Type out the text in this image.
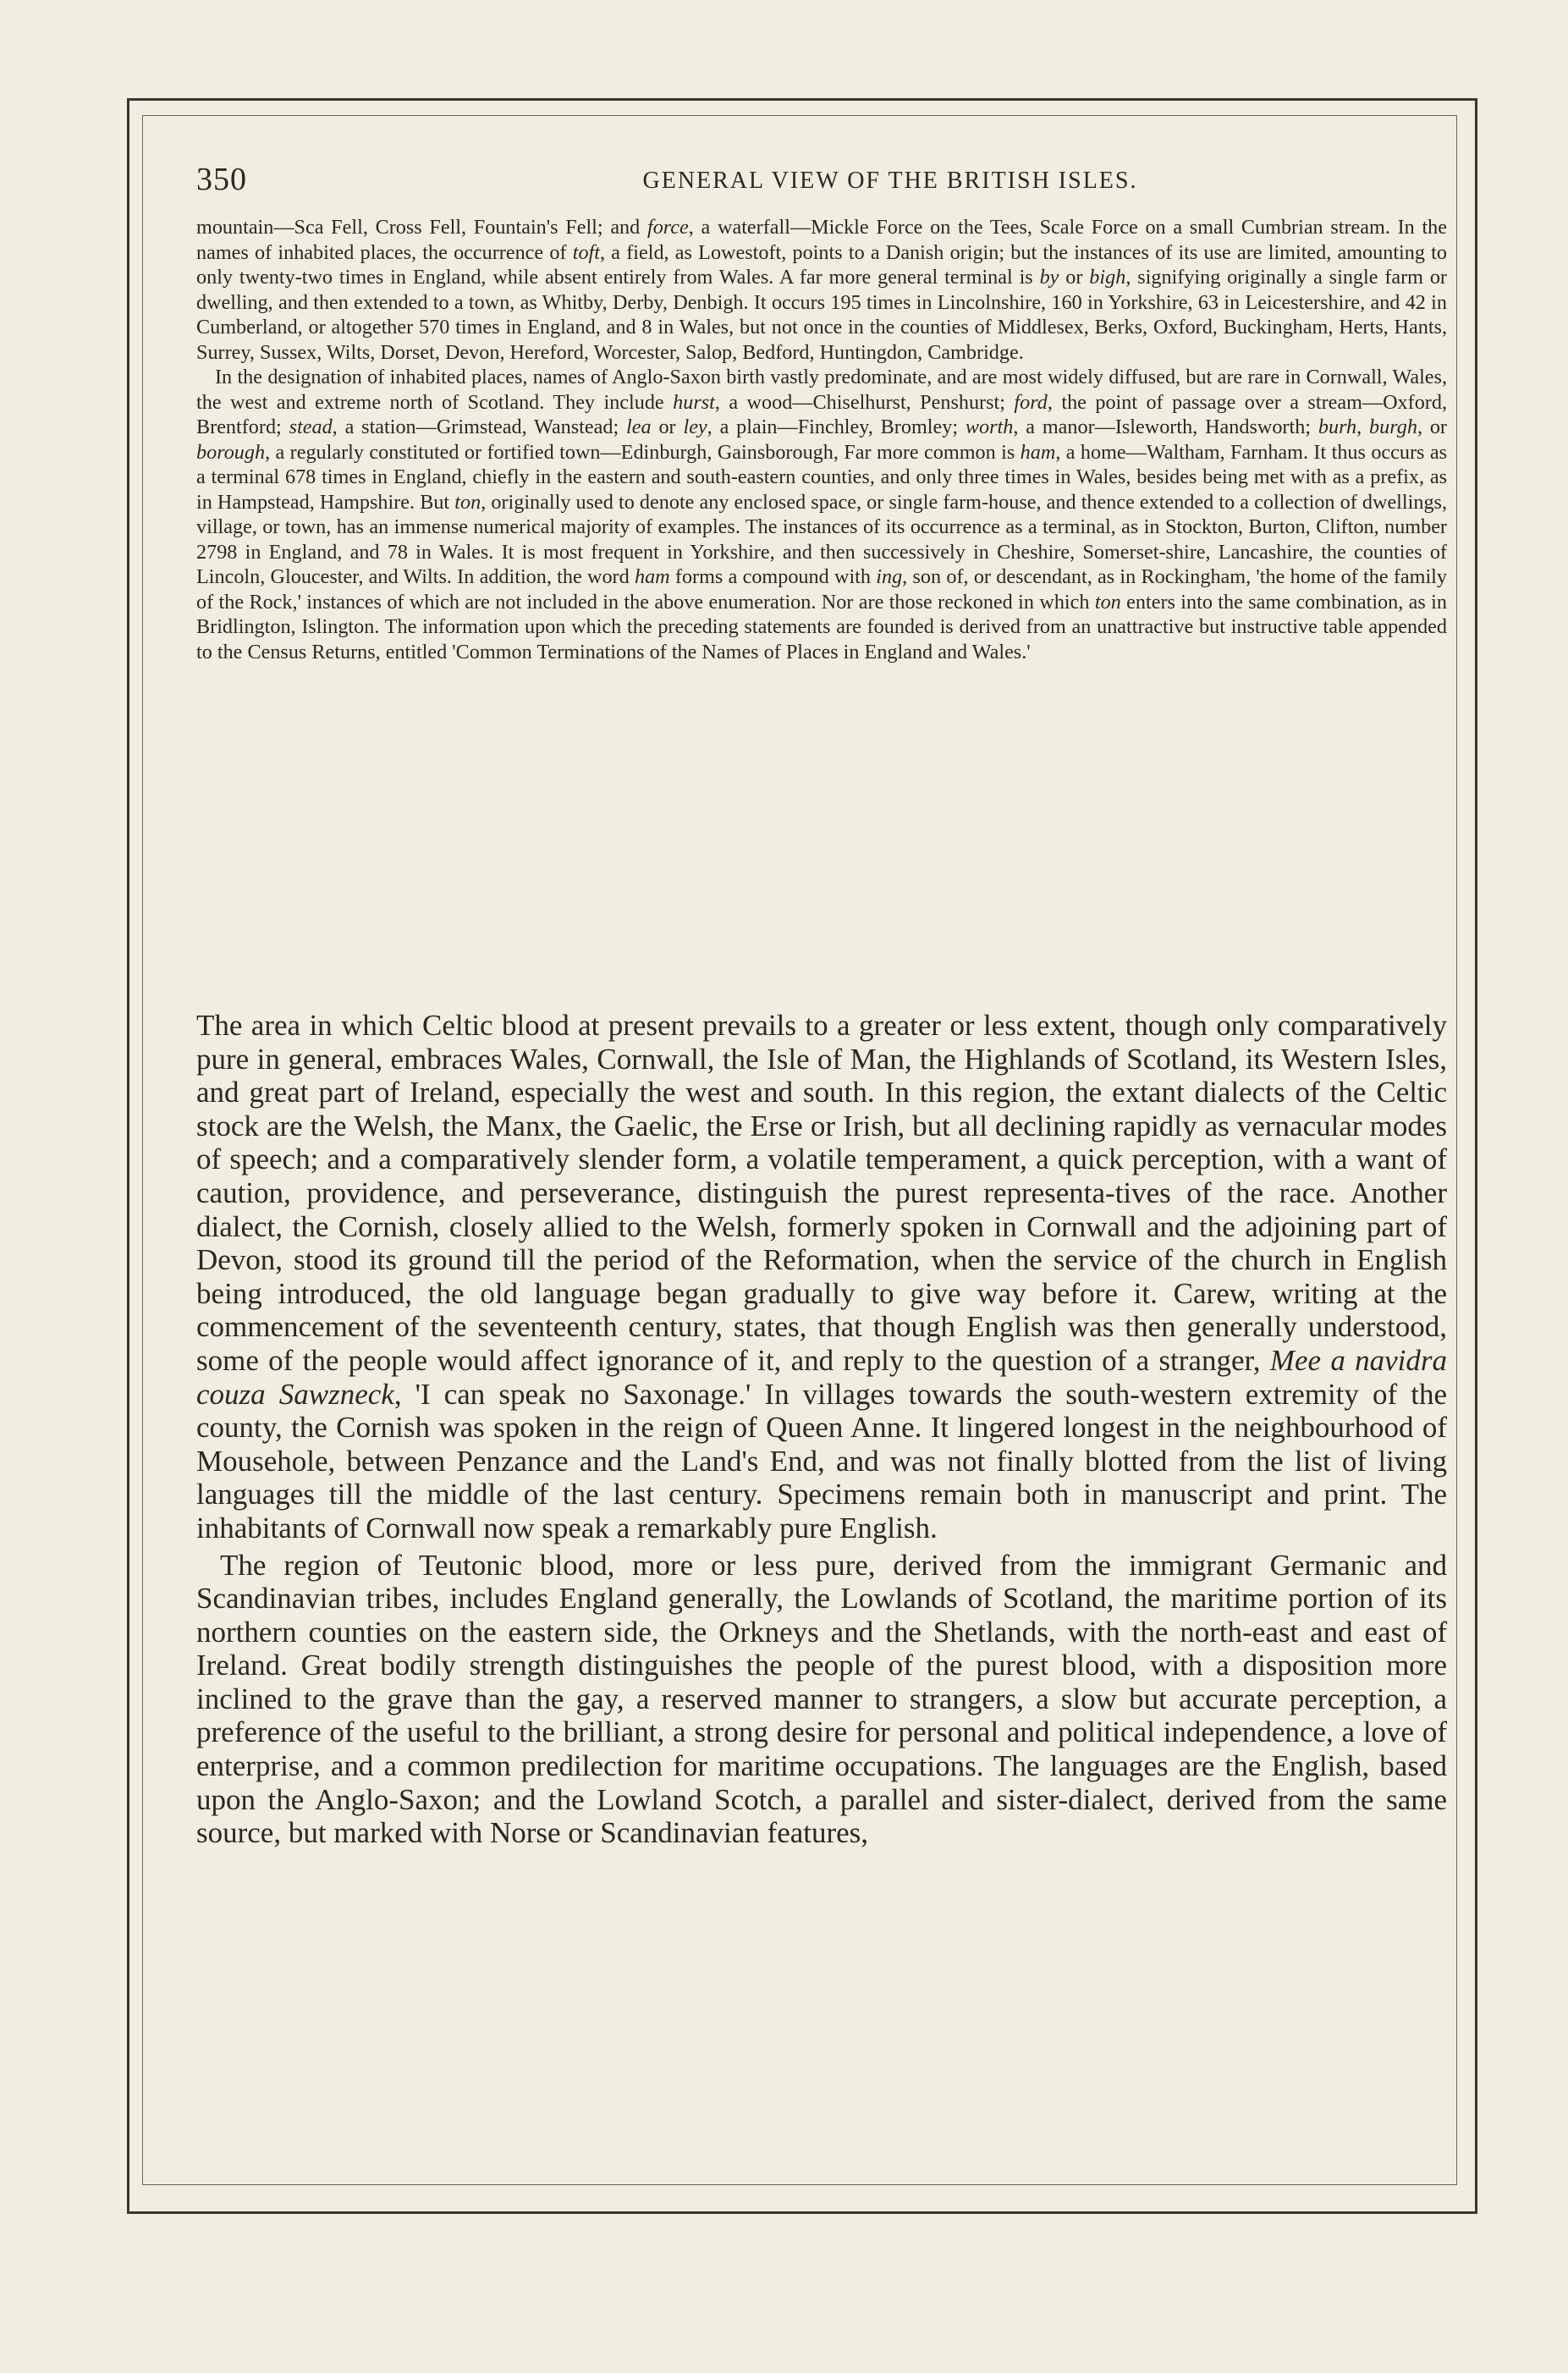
350	GENERAL VIEW OF THE BRITISH ISLES.

mountain—Sca Fell, Cross Fell, Fountain's Fell; and force, a waterfall—Mickle Force on the Tees, Scale Force on a small Cumbrian stream. In the names of inhabited places, the occurrence of toft, a field, as Lowestoft, points to a Danish origin; but the instances of its use are limited, amounting to only twenty-two times in England, while absent entirely from Wales. A far more general terminal is by or bigh, signifying originally a single farm or dwelling, and then extended to a town, as Whitby, Derby, Denbigh. It occurs 195 times in Lincolnshire, 160 in Yorkshire, 63 in Leicestershire, and 42 in Cumberland, or altogether 570 times in England, and 8 in Wales, but not once in the counties of Middlesex, Berks, Oxford, Buckingham, Herts, Hants, Surrey, Sussex, Wilts, Dorset, Devon, Hereford, Worcester, Salop, Bedford, Huntingdon, Cambridge.

In the designation of inhabited places, names of Anglo-Saxon birth vastly predominate, and are most widely diffused, but are rare in Cornwall, Wales, the west and extreme north of Scotland. They include hurst, a wood—Chiselhurst, Penshurst; ford, the point of passage over a stream—Oxford, Brentford; stead, a station—Grimstead, Wanstead; lea or ley, a plain—Finchley, Bromley; worth, a manor—Isleworth, Handsworth; burh, burgh, or borough, a regularly constituted or fortified town—Edinburgh, Gainsborough, Far more common is ham, a home—Waltham, Farnham. It thus occurs as a terminal 678 times in England, chiefly in the eastern and south-eastern counties, and only three times in Wales, besides being met with as a prefix, as in Hampstead, Hampshire. But ton, originally used to denote any enclosed space, or single farm-house, and thence extended to a collection of dwellings, village, or town, has an immense numerical majority of examples. The instances of its occurrence as a terminal, as in Stockton, Burton, Clifton, number 2798 in England, and 78 in Wales. It is most frequent in Yorkshire, and then successively in Cheshire, Somerset-shire, Lancashire, the counties of Lincoln, Gloucester, and Wilts. In addition, the word ham forms a compound with ing, son of, or descendant, as in Rockingham, 'the home of the family of the Rock,' instances of which are not included in the above enumeration. Nor are those reckoned in which ton enters into the same combination, as in Bridlington, Islington. The information upon which the preceding statements are founded is derived from an unattractive but instructive table appended to the Census Returns, entitled 'Common Terminations of the Names of Places in England and Wales.'

The area in which Celtic blood at present prevails to a greater or less extent, though only comparatively pure in general, embraces Wales, Cornwall, the Isle of Man, the Highlands of Scotland, its Western Isles, and great part of Ireland, especially the west and south. In this region, the extant dialects of the Celtic stock are the Welsh, the Manx, the Gaelic, the Erse or Irish, but all declining rapidly as vernacular modes of speech; and a comparatively slender form, a volatile temperament, a quick perception, with a want of caution, providence, and perseverance, distinguish the purest representa-tives of the race. Another dialect, the Cornish, closely allied to the Welsh, formerly spoken in Cornwall and the adjoining part of Devon, stood its ground till the period of the Reformation, when the service of the church in English being introduced, the old language began gradually to give way before it. Carew, writing at the commencement of the seventeenth century, states, that though English was then generally understood, some of the people would affect ignorance of it, and reply to the question of a stranger, Mee a navidra couza Sawzneck, 'I can speak no Saxonage.' In villages towards the south-western extremity of the county, the Cornish was spoken in the reign of Queen Anne. It lingered longest in the neighbourhood of Mousehole, between Penzance and the Land's End, and was not finally blotted from the list of living languages till the middle of the last century. Specimens remain both in manuscript and print. The inhabitants of Cornwall now speak a remarkably pure English.

The region of Teutonic blood, more or less pure, derived from the immigrant Germanic and Scandinavian tribes, includes England generally, the Lowlands of Scotland, the maritime portion of its northern counties on the eastern side, the Orkneys and the Shetlands, with the north-east and east of Ireland. Great bodily strength distinguishes the people of the purest blood, with a disposition more inclined to the grave than the gay, a reserved manner to strangers, a slow but accurate perception, a preference of the useful to the brilliant, a strong desire for personal and political independence, a love of enterprise, and a common predilection for maritime occupations. The languages are the English, based upon the Anglo-Saxon; and the Lowland Scotch, a parallel and sister-dialect, derived from the same source, but marked with Norse or Scandinavian features,
